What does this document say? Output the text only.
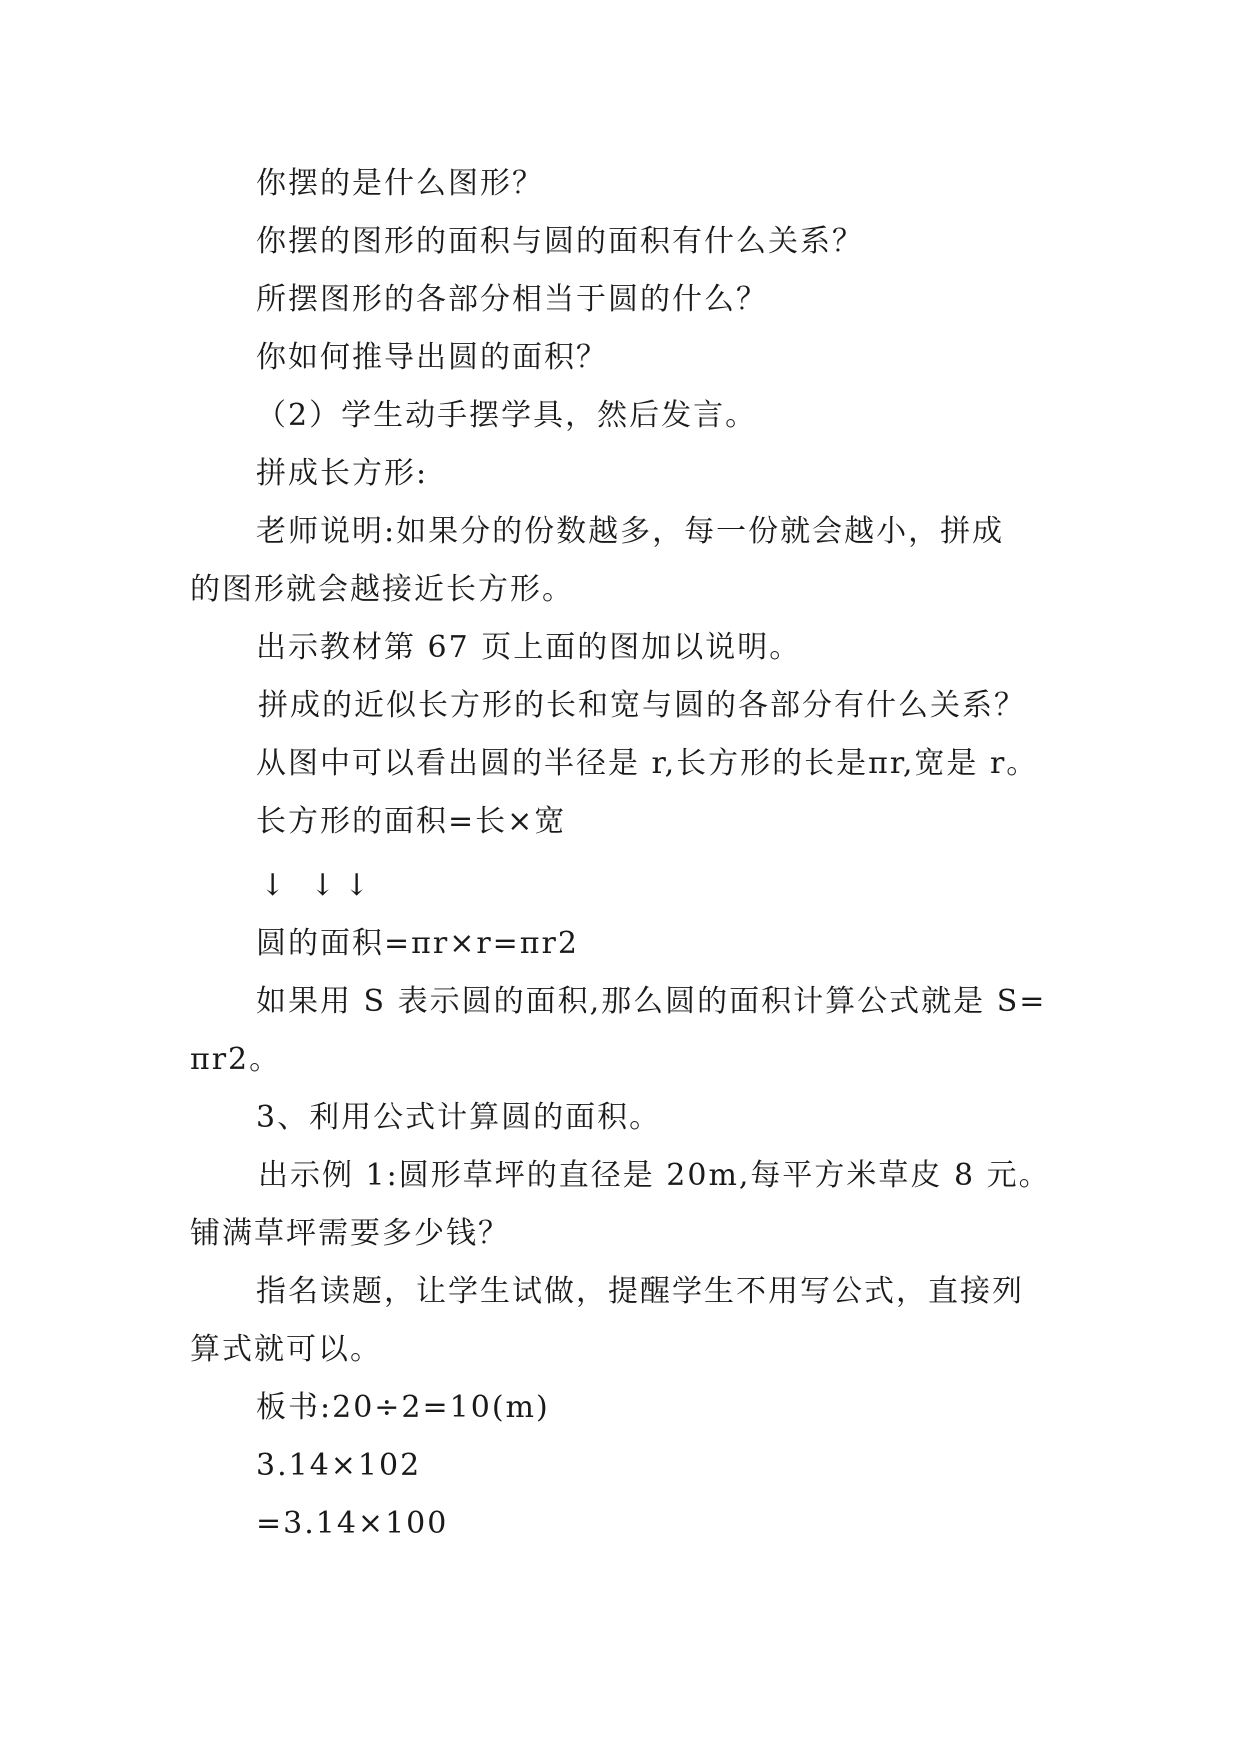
你摆的是什么图形？
你摆的图形的面积与圆的面积有什么关系？
所摆图形的各部分相当于圆的什么？
你如何推导出圆的面积？
（2）学生动手摆学具，然后发言。
拼成长方形:
老师说明:如果分的份数越多，每一份就会越小，拼成
的图形就会越接近长方形。
出示教材第 67 页上面的图加以说明。
拼成的近似长方形的长和宽与圆的各部分有什么关系？
从图中可以看出圆的半径是 r,长方形的长是πr,宽是 r。
长方形的面积=长×宽
↓ ↓ ↓
圆的面积=πr×r=πr2
如果用 S 表示圆的面积,那么圆的面积计算公式就是 S=
πr2。
3、利用公式计算圆的面积。
出示例 1:圆形草坪的直径是 20m,每平方米草皮 8 元。
铺满草坪需要多少钱？
指名读题，让学生试做，提醒学生不用写公式，直接列
算式就可以。
板书:20÷2=10(m)
3.14×102
=3.14×100
